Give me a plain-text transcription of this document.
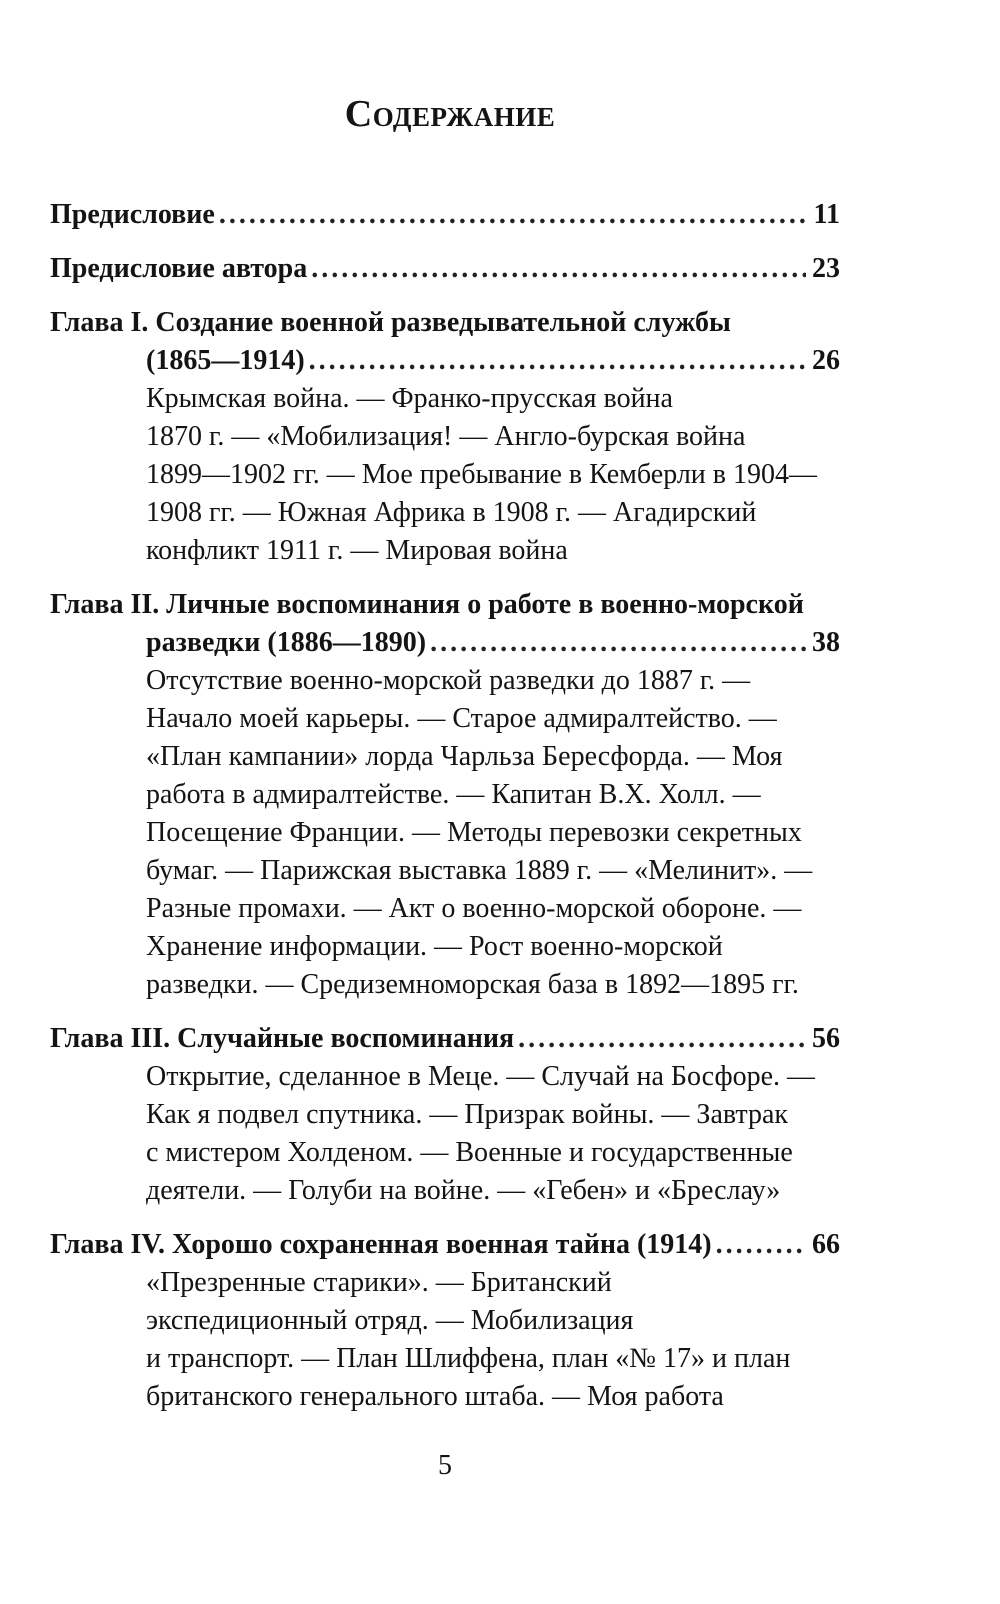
Содержание
Предисловие .....	11
Предисловие автора .....	23
Глава I. Создание военной разведывательной службы
(1865—1914) .....	26
Крымская война. — Франко-прусская война
1870 г. — «Мобилизация! — Англо-бурская война
1899—1902 гг. — Мое пребывание в Кемберли в 1904—
1908 гг. — Южная Африка в 1908 г. — Агадирский
конфликт 1911 г. — Мировая война
Глава II. Личные воспоминания о работе в военно-морской
разведки (1886—1890) .....	38
Отсутствие военно-морской разведки до 1887 г. —
Начало моей карьеры. — Старое адмиралтейство. —
«План кампании» лорда Чарльза Бересфорда. — Моя
работа в адмиралтействе. — Капитан В.Х. Холл. —
Посещение Франции. — Методы перевозки секретных
бумаг. — Парижская выставка 1889 г. — «Мелинит». —
Разные промахи. — Акт о военно-морской обороне. —
Хранение информации. — Рост военно-морской
разведки. — Средиземноморская база в 1892—1895 гг.
Глава III. Случайные воспоминания .....	56
Открытие, сделанное в Меце. — Случай на Босфоре. —
Как я подвел спутника. — Призрак войны. — Завтрак
с мистером Холденом. — Военные и государственные
деятели. — Голуби на войне. — «Гебен» и «Бреслау»
Глава IV. Хорошо сохраненная военная тайна (1914) .....	66
«Презренные старики». — Британский
экспедиционный отряд. — Мобилизация
и транспорт. — План Шлиффена, план «№ 17» и план
британского генерального штаба. — Моя работа
5
